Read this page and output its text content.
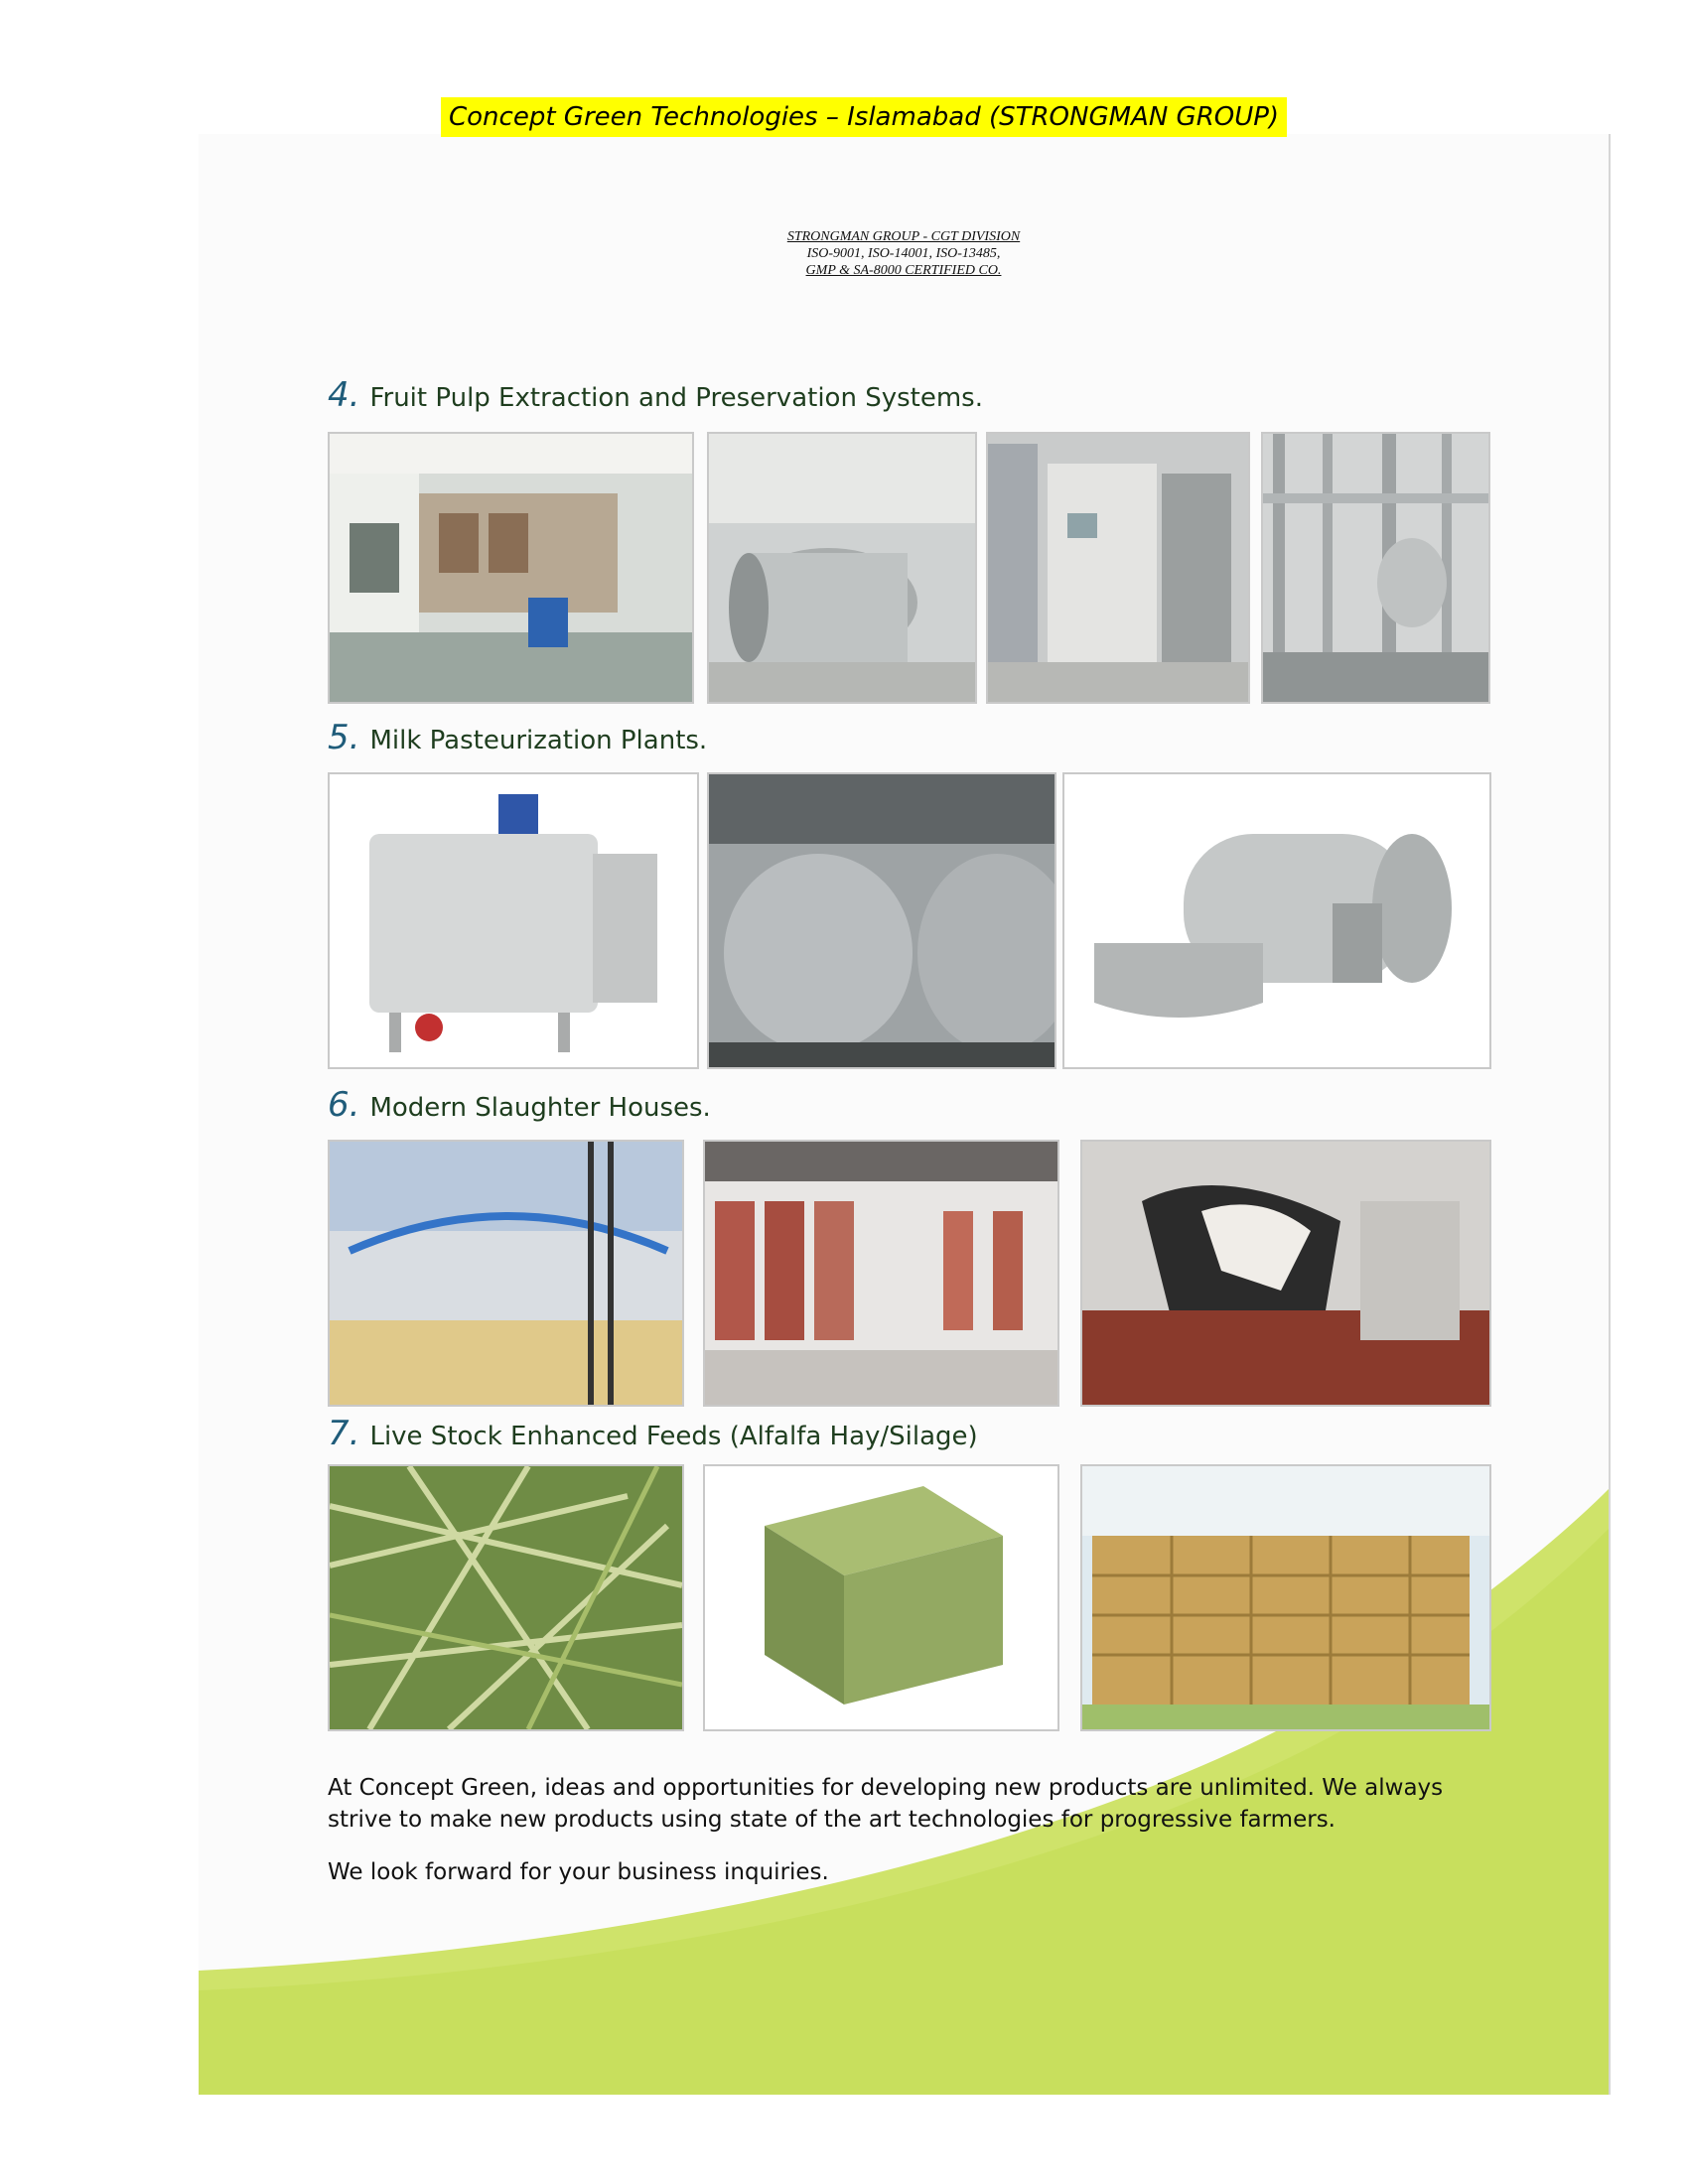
Concept Green Technologies – Islamabad (STRONGMAN GROUP)
STRONGMAN GROUP - CGT DIVISION
ISO-9001, ISO-14001, ISO-13485,
GMP & SA-8000 CERTIFIED CO.
4. Fruit Pulp Extraction and Preservation Systems.
5. Milk Pasteurization Plants.
6. Modern Slaughter Houses.
7. Live Stock Enhanced Feeds (Alfalfa Hay/Silage)
At Concept Green, ideas and opportunities for developing new products are unlimited. We always
strive to make new products using state of the art technologies for progressive farmers.
We look forward for your business inquiries.
